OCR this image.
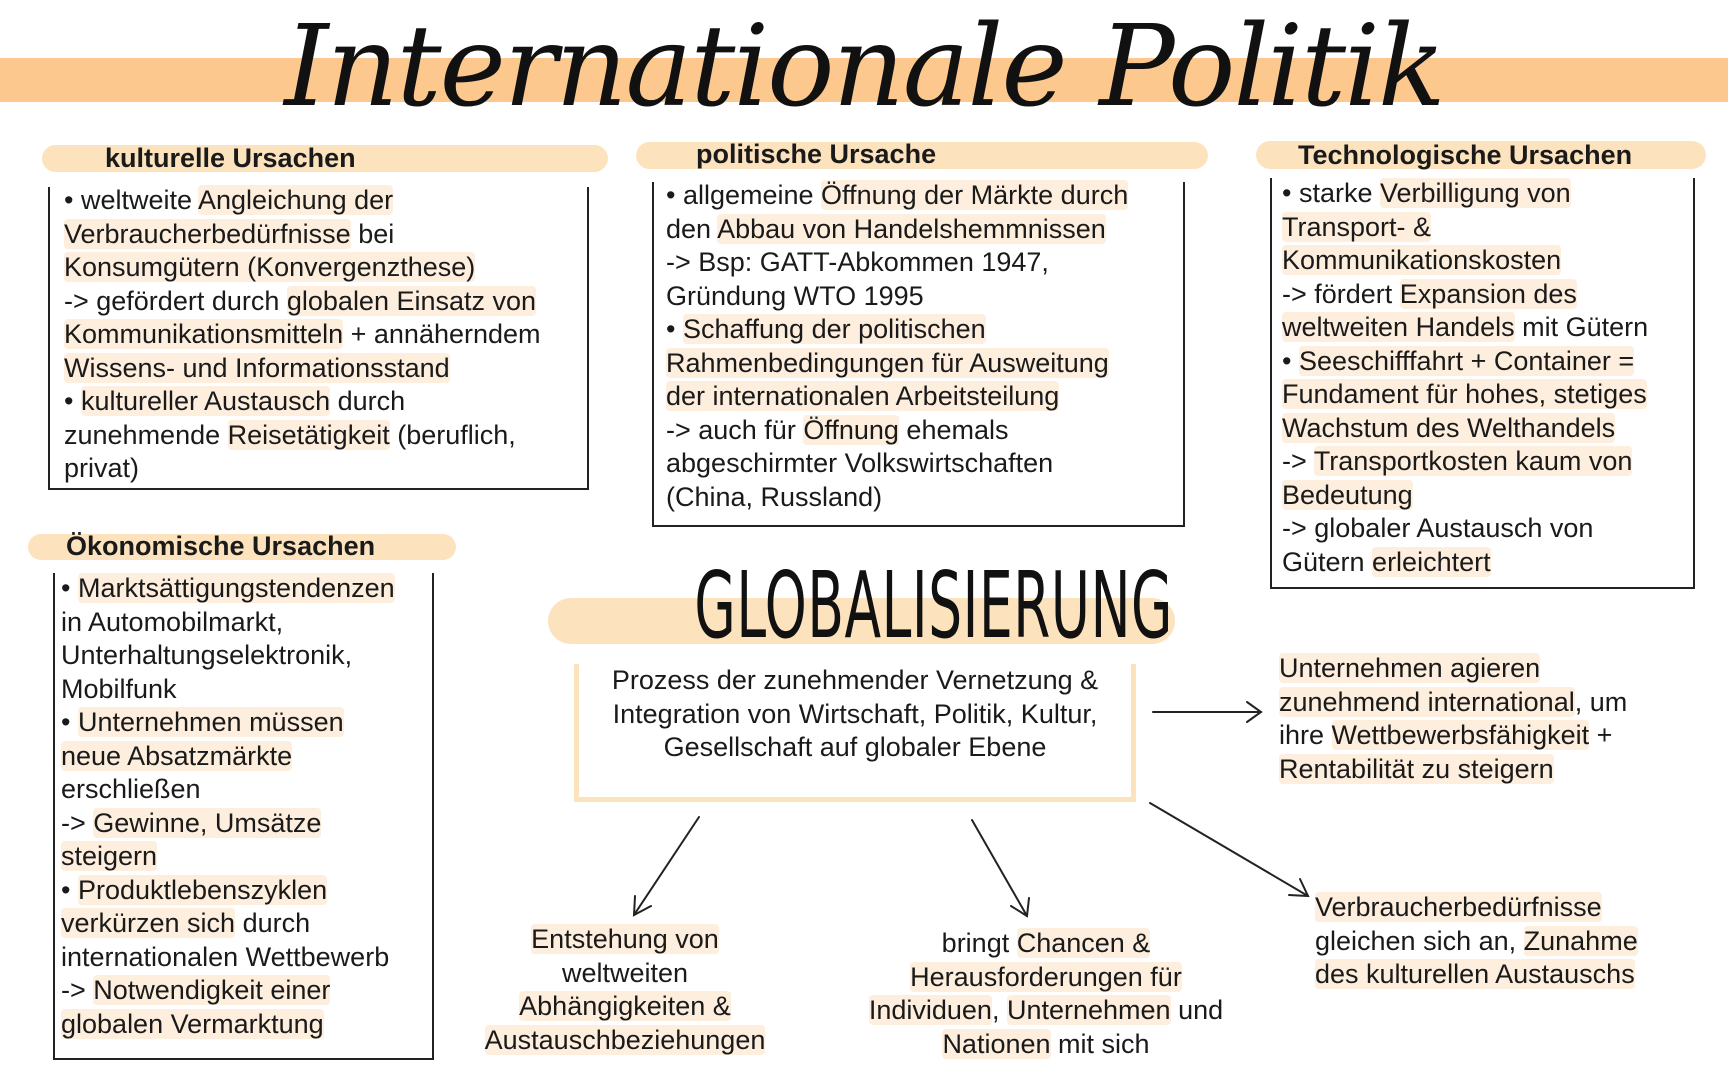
Internationale Politik
kulturelle Ursachen
• weltweite Angleichung der
Verbraucherbedürfnisse bei
Konsumgütern (Konvergenzthese)
-> gefördert durch globalen Einsatz von
Kommunikationsmitteln + annäherndem
Wissens- und Informationsstand
• kultureller Austausch durch
zunehmende Reisetätigkeit (beruflich,
privat)
politische Ursache
• allgemeine Öffnung der Märkte durch
den Abbau von Handelshemmnissen
-> Bsp: GATT-Abkommen 1947,
Gründung WTO 1995
• Schaffung der politischen
Rahmenbedingungen für Ausweitung
der internationalen Arbeitsteilung
-> auch für Öffnung ehemals
abgeschirmter Volkswirtschaften
(China, Russland)
Technologische Ursachen
• starke Verbilligung von
Transport- &
Kommunikationskosten
-> fördert Expansion des
weltweiten Handels mit Gütern
• Seeschifffahrt + Container =
Fundament für hohes, stetiges
Wachstum des Welthandels
-> Transportkosten kaum von
Bedeutung
-> globaler Austausch von
Gütern erleichtert
Ökonomische Ursachen
• Marktsättigungstendenzen
in Automobilmarkt,
Unterhaltungselektronik,
Mobilfunk
• Unternehmen müssen
neue Absatzmärkte
erschließen
-> Gewinne, Umsätze
steigern
• Produktlebenszyklen
verkürzen sich durch
internationalen Wettbewerb
-> Notwendigkeit einer
globalen Vermarktung
GLOBALISIERUNG
Prozess der zunehmender Vernetzung &
Integration von Wirtschaft, Politik, Kultur,
Gesellschaft auf globaler Ebene
Unternehmen agieren
zunehmend international, um
ihre Wettbewerbsfähigkeit +
Rentabilität zu steigern
Entstehung von
weltweiten
Abhängigkeiten &
Austauschbeziehungen
bringt Chancen &
Herausforderungen für
Individuen, Unternehmen und
Nationen mit sich
Verbraucherbedürfnisse
gleichen sich an, Zunahme
des kulturellen Austauschs
